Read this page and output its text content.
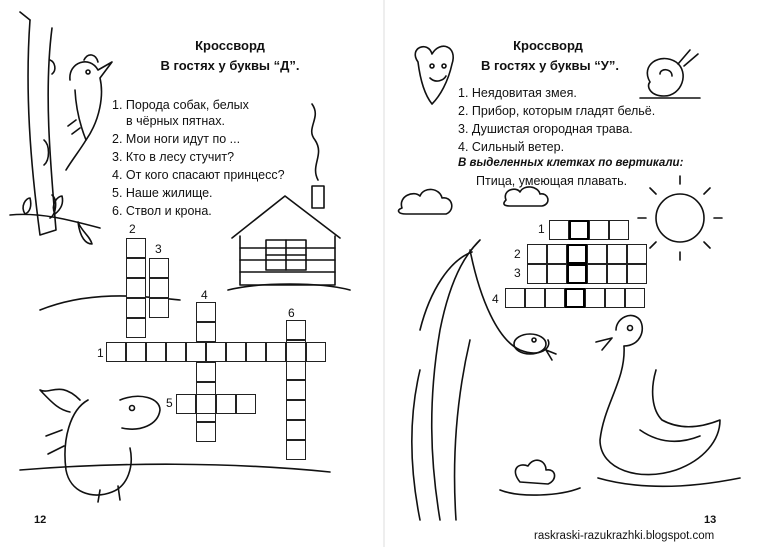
Кроссворд
В гостях у буквы “Д”.
1. Порода собак, белых
в чёрных пятнах.
2. Мои ноги идут по ...
3. Кто в лесу стучит?
4. От кого спасают принцесс?
5. Наше жилище.
6. Ствол и крона.
2
3
4
6
1
5
12
Кроссворд
В гостях у буквы “У”.
1. Неядовитая змея.
2. Прибор, которым гладят бельё.
3. Душистая огородная трава.
4. Сильный ветер.
В выделенных клетках по вертикали:
Птица, умеющая плавать.
1
2
3
4
13
raskraski-razukrazhki.blogspot.com
